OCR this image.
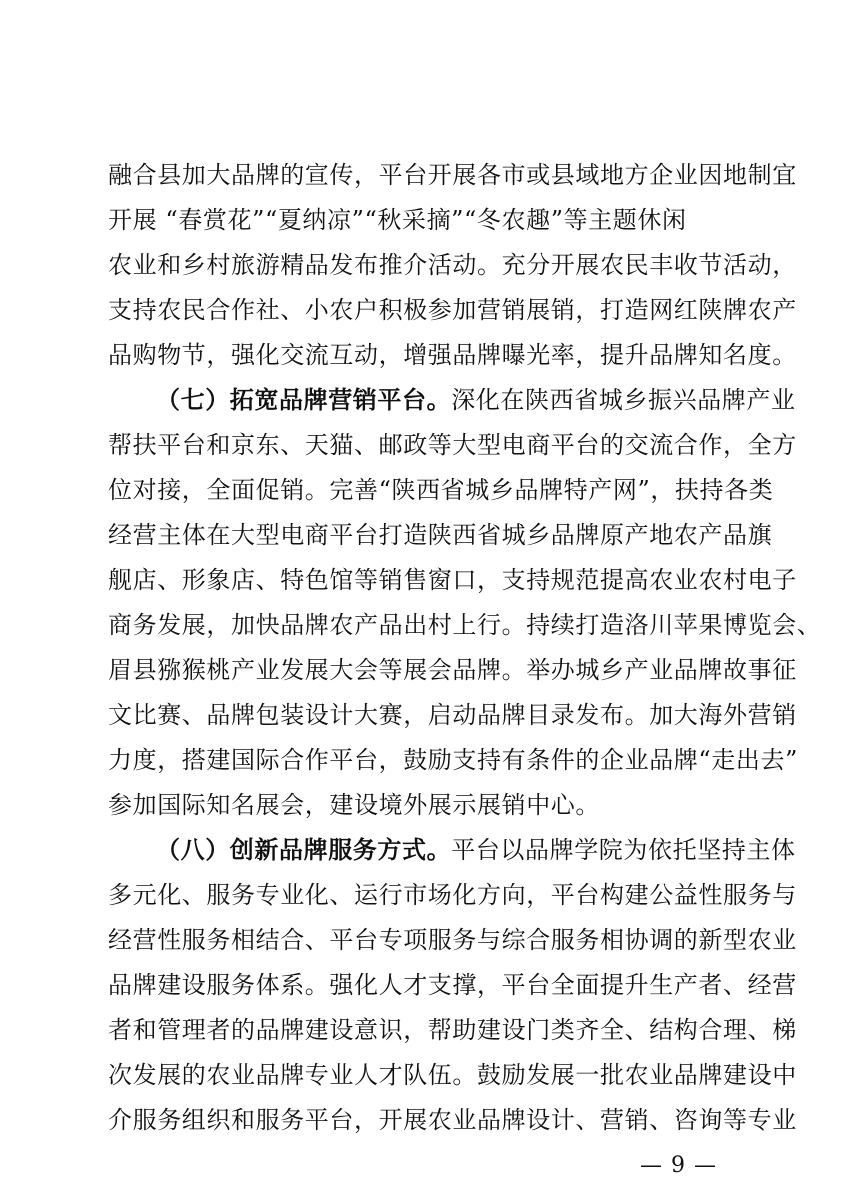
融合县加大品牌的宣传，平台开展各市或县域地方企业因地制宜
开展 “春赏花”“夏纳凉”“秋采摘”“冬农趣”等主题休闲
农业和乡村旅游精品发布推介活动。充分开展农民丰收节活动，
支持农民合作社、小农户积极参加营销展销，打造网红陕牌农产
品购物节，强化交流互动，增强品牌曝光率，提升品牌知名度。
（七）拓宽品牌营销平台。深化在陕西省城乡振兴品牌产业
帮扶平台和京东、天猫、邮政等大型电商平台的交流合作，全方
位对接，全面促销。完善“陕西省城乡品牌特产网”，扶持各类
经营主体在大型电商平台打造陕西省城乡品牌原产地农产品旗
舰店、形象店、特色馆等销售窗口，支持规范提高农业农村电子
商务发展，加快品牌农产品出村上行。持续打造洛川苹果博览会、
眉县猕猴桃产业发展大会等展会品牌。举办城乡产业品牌故事征
文比赛、品牌包装设计大赛，启动品牌目录发布。加大海外营销
力度，搭建国际合作平台，鼓励支持有条件的企业品牌“走出去”
参加国际知名展会，建设境外展示展销中心。
（八）创新品牌服务方式。平台以品牌学院为依托坚持主体
多元化、服务专业化、运行市场化方向，平台构建公益性服务与
经营性服务相结合、平台专项服务与综合服务相协调的新型农业
品牌建设服务体系。强化人才支撑，平台全面提升生产者、经营
者和管理者的品牌建设意识，帮助建设门类齐全、结构合理、梯
次发展的农业品牌专业人才队伍。鼓励发展一批农业品牌建设中
介服务组织和服务平台，开展农业品牌设计、营销、咨询等专业
— 9 —
